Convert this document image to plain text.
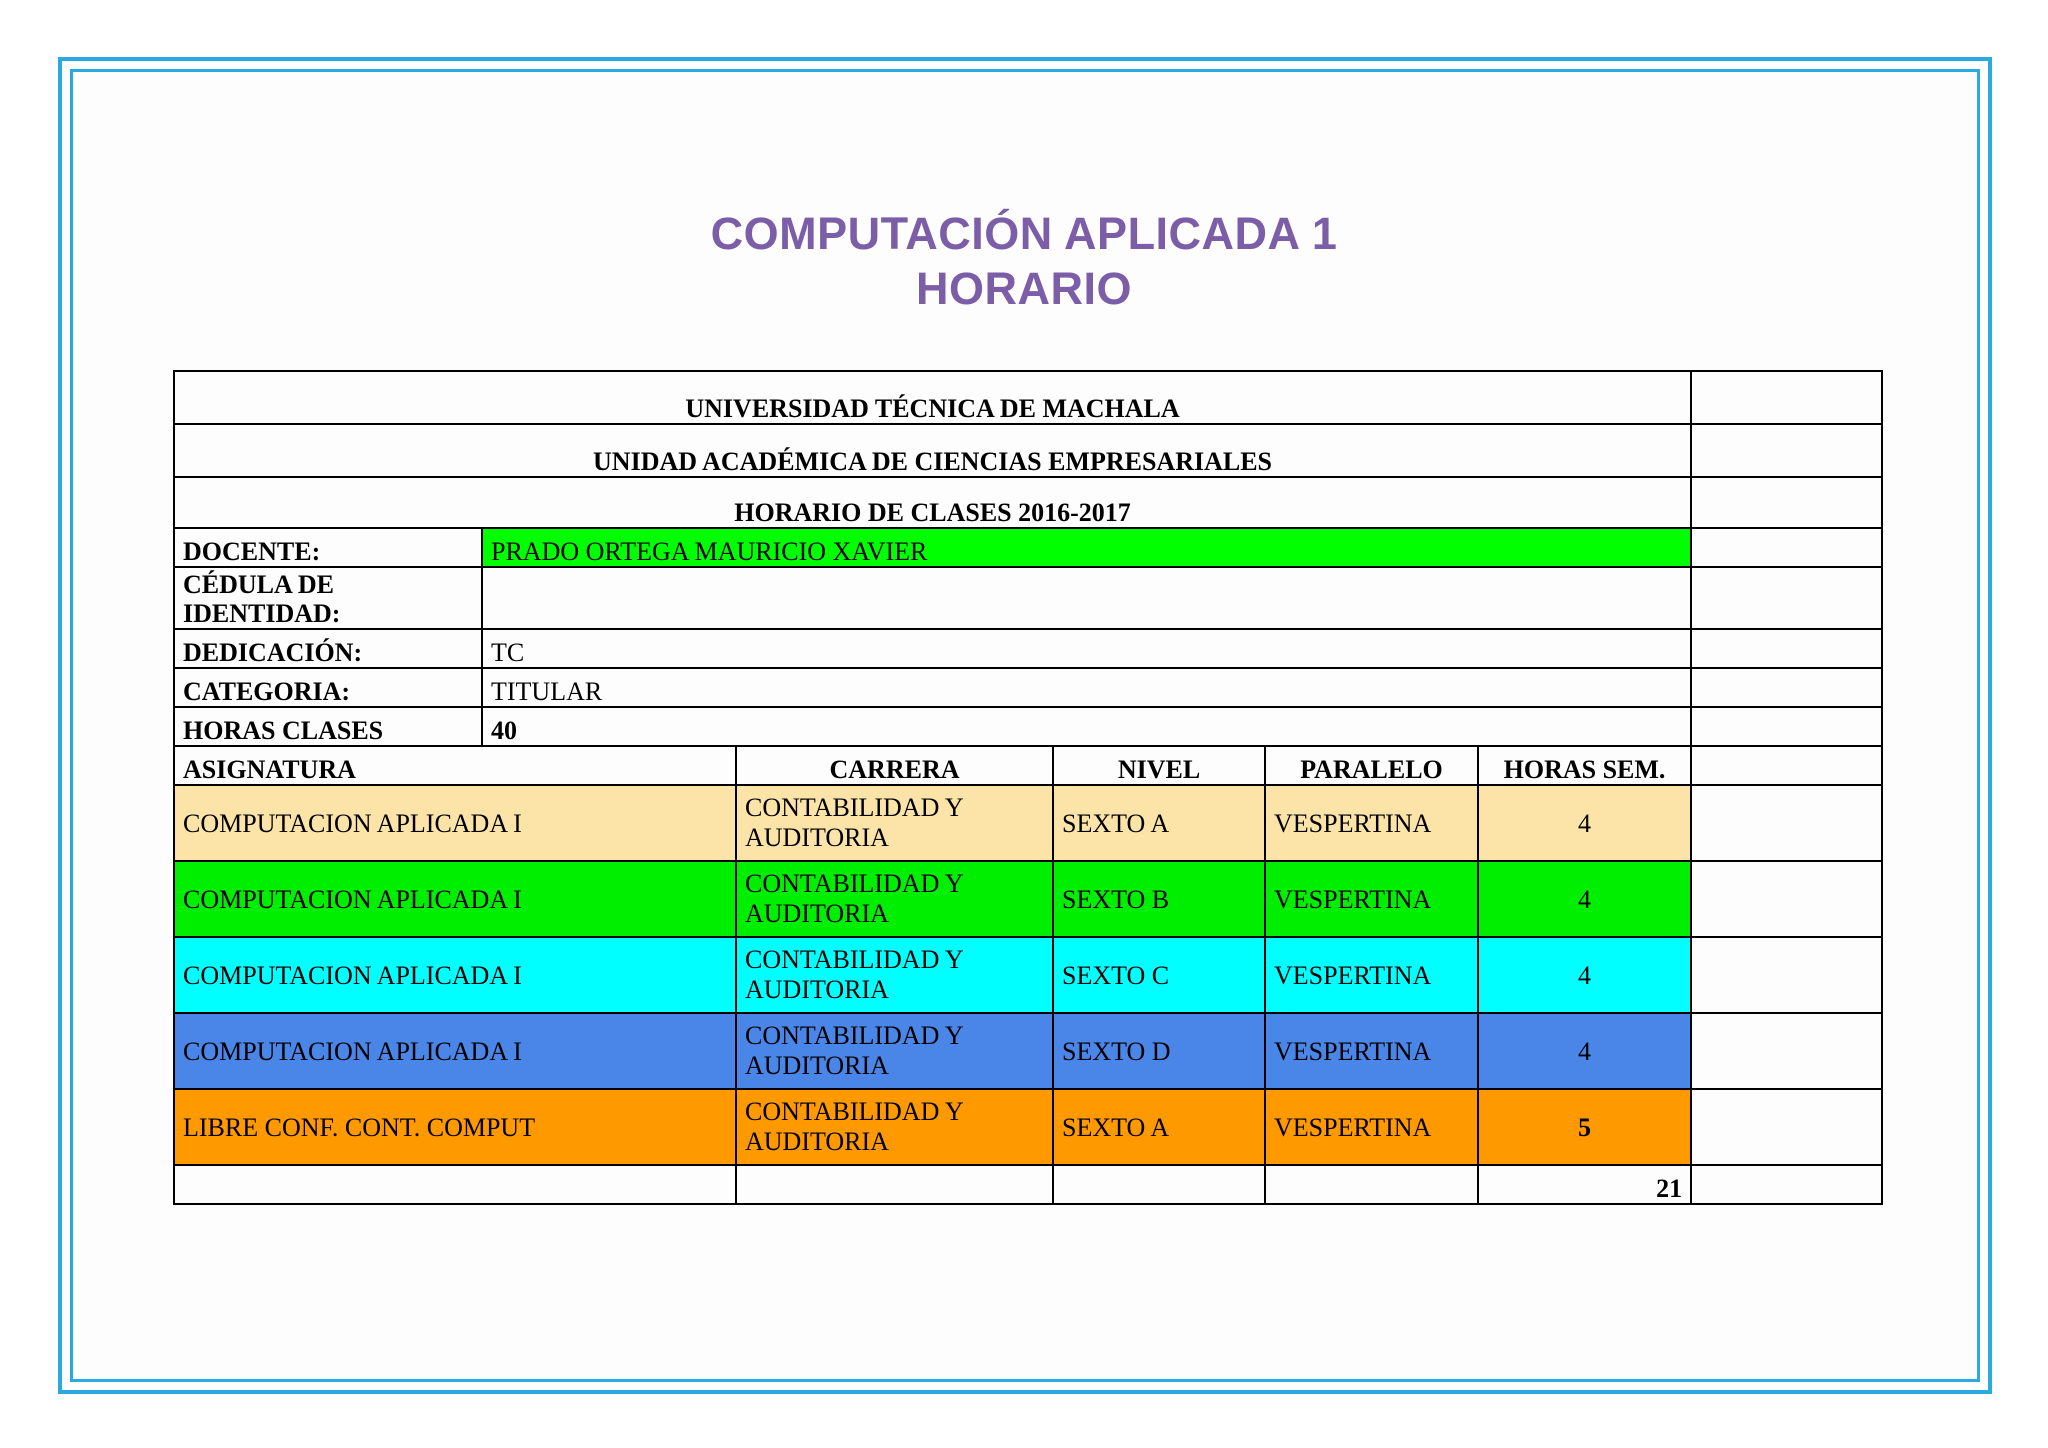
COMPUTACIÓN APLICADA 1
HORARIO
UNIVERSIDAD TÉCNICA DE MACHALA						
UNIDAD ACADÉMICA DE CIENCIAS EMPRESARIALES						
HORARIO DE CLASES 2016-2017						
DOCENTE:	PRADO ORTEGA MAURICIO XAVIER					
CÉDULA DE IDENTIDAD:						
DEDICACIÓN:	TC					
CATEGORIA:	TITULAR					
HORAS CLASES	40					
ASIGNATURA		CARRERA	NIVEL	PARALELO	HORAS SEM.	
COMPUTACION APLICADA I		CONTABILIDAD Y AUDITORIA	SEXTO A	VESPERTINA	4	
COMPUTACION APLICADA I		CONTABILIDAD Y AUDITORIA	SEXTO B	VESPERTINA	4	
COMPUTACION APLICADA I		CONTABILIDAD Y AUDITORIA	SEXTO C	VESPERTINA	4	
COMPUTACION APLICADA I		CONTABILIDAD Y AUDITORIA	SEXTO D	VESPERTINA	4	
LIBRE CONF. CONT. COMPUT		CONTABILIDAD Y AUDITORIA	SEXTO A	VESPERTINA	5	
					21	
